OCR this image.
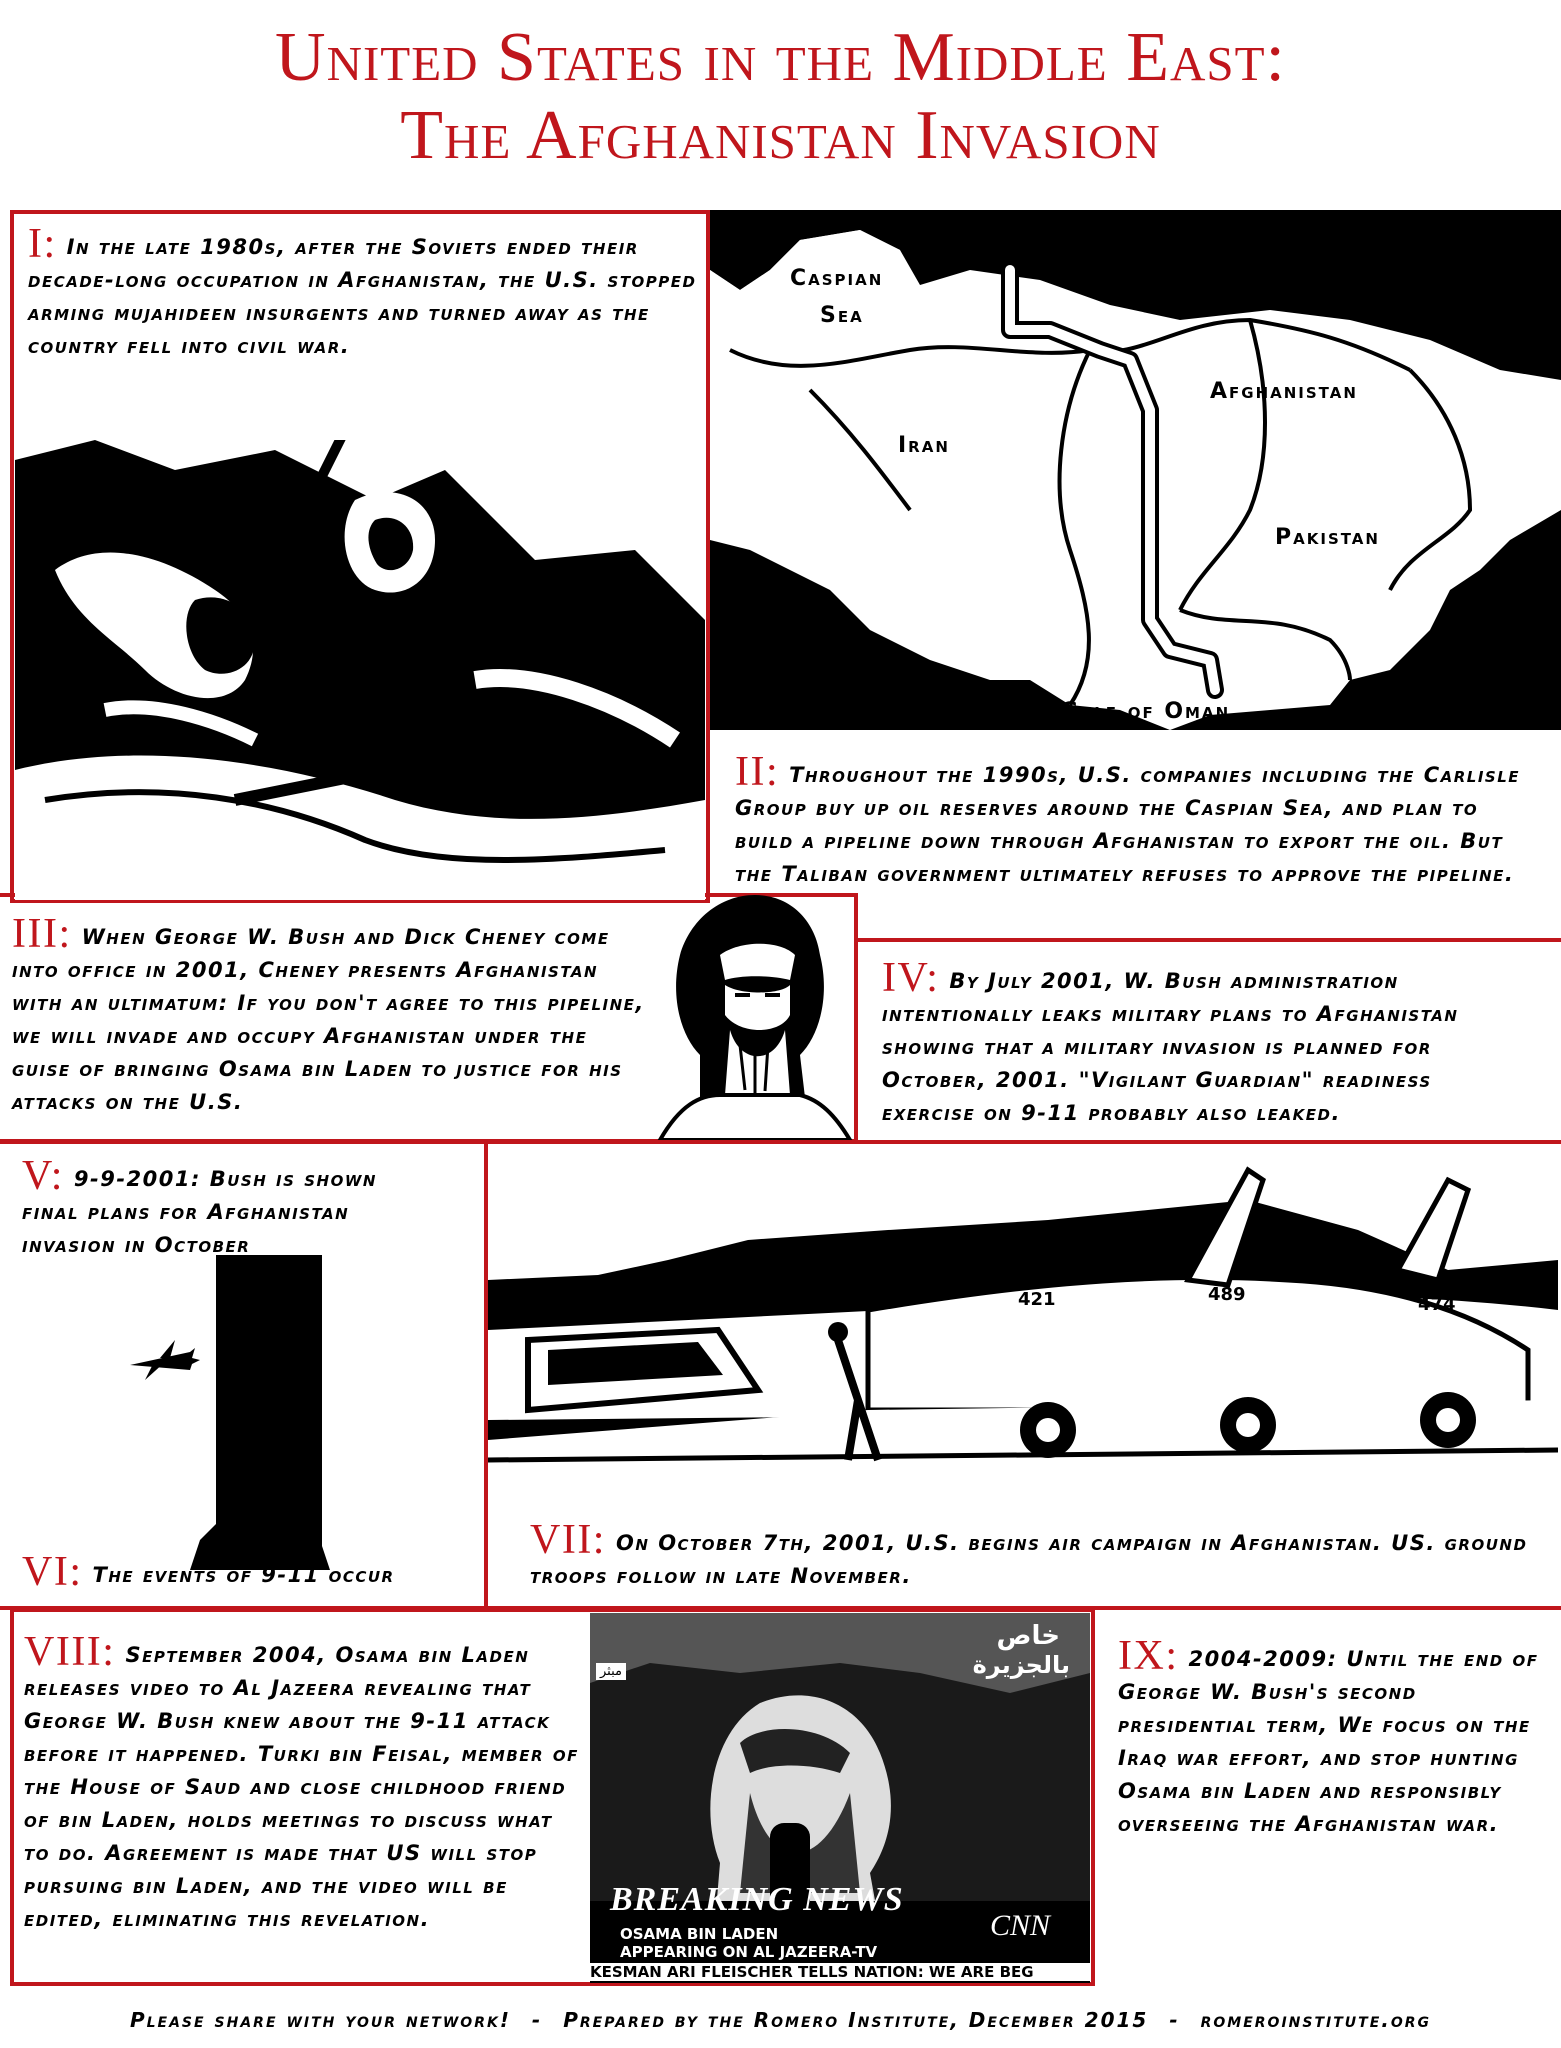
United States in the Middle East:
The Afghanistan Invasion
Turkmenistan
Caspian
Sea
Iran
Afghanistan
Pakistan
Gulf of Oman
421	489	474
BREAKING NEWS
OSAMA BIN LADEN
APPEARING ON AL JAZEERA-TV
KESMAN ARI FLEISCHER TELLS NATION: WE ARE BEG
CNN
خاص
بالجزيرة
مبثر
I: In the late 1980s, after the Soviets ended their decade-long occupation in Afghanistan, the U.S. stopped arming mujahideen insurgents and turned away as the country fell into civil war.
II: Throughout the 1990s, U.S. companies including the Carlisle Group buy up oil reserves around the Caspian Sea, and plan to build a pipeline down through Afghanistan to export the oil. But the Taliban government ultimately refuses to approve the pipeline.
III: When George W. Bush and Dick Cheney come into office in 2001, Cheney presents Afghanistan with an ultimatum: If you don't agree to this pipeline, we will invade and occupy Afghanistan under the guise of bringing Osama bin Laden to justice for his attacks on the U.S.
IV: By July 2001, W. Bush administration intentionally leaks military plans to Afghanistan showing that a military invasion is planned for October, 2001. "Vigilant Guardian" readiness exercise on 9-11 probably also leaked.
V: 9-9-2001: Bush is shown final plans for Afghanistan invasion in October
VI: The events of 9-11 occur
VII: On October 7th, 2001, U.S. begins air campaign in Afghanistan. US. ground troops follow in late November.
VIII: September 2004, Osama bin Laden releases video to Al Jazeera revealing that George W. Bush knew about the 9-11 attack before it happened. Turki bin Feisal, member of the House of Saud and close childhood friend of bin Laden, holds meetings to discuss what to do. Agreement is made that US will stop pursuing bin Laden, and the video will be edited, eliminating this revelation.
IX: 2004-2009: Until the end of George W. Bush's second presidential term, We focus on the Iraq war effort, and stop hunting Osama bin Laden and responsibly overseeing the Afghanistan war.
Please share with your network! - Prepared by the Romero Institute, December 2015 - romeroinstitute.org
